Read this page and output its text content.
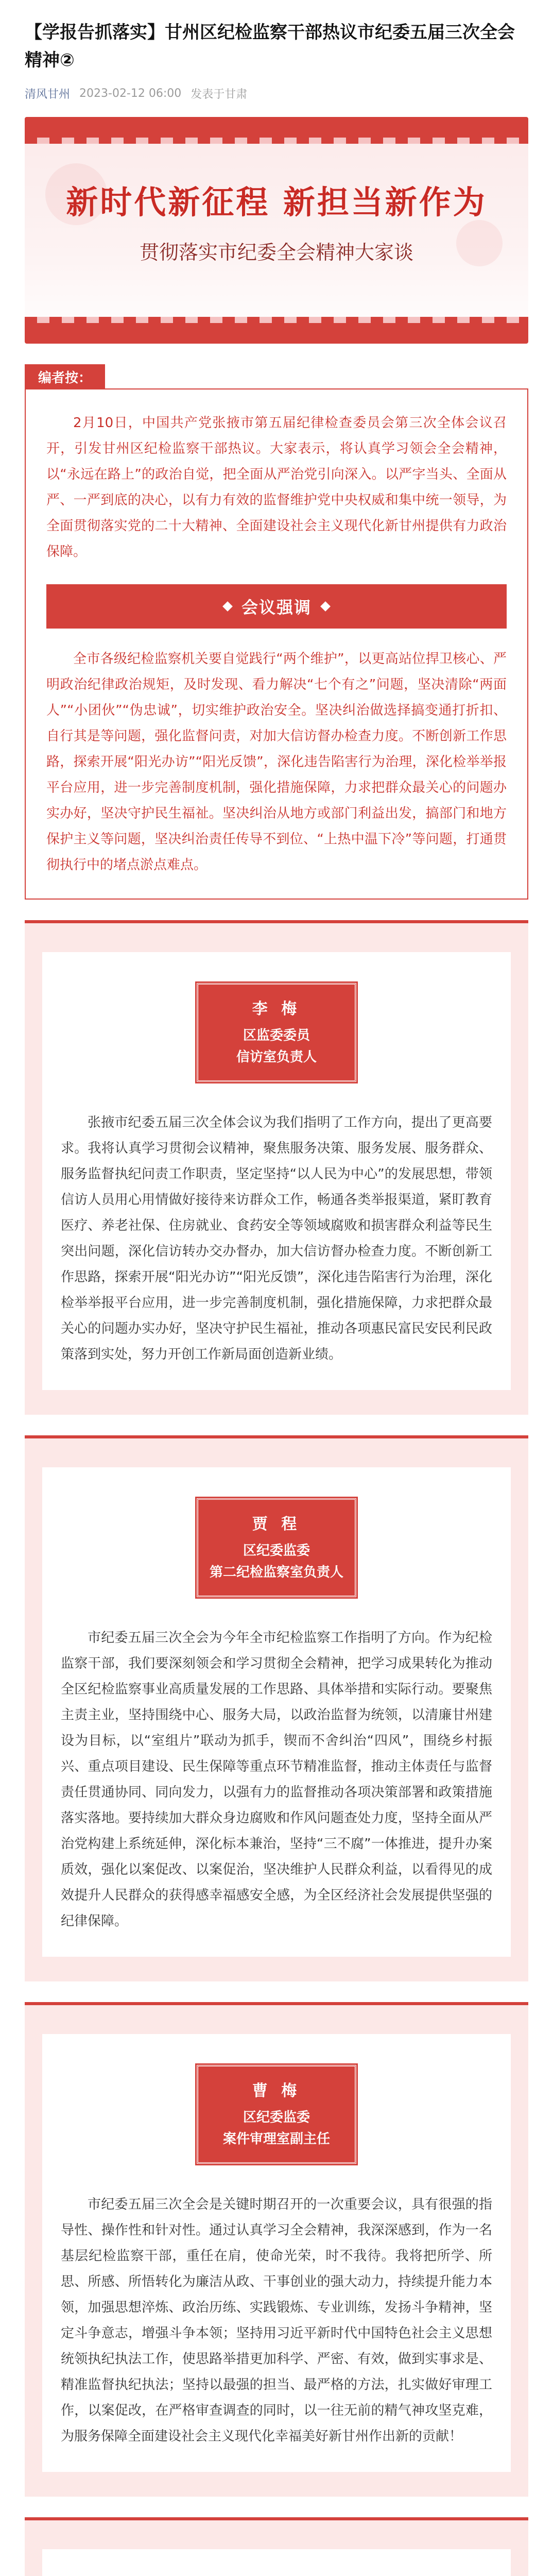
【学报告抓落实】甘州区纪检监察干部热议市纪委五届三次全会精神②
清风甘州 2023-02-12 06:00 发表于甘肃
新时代新征程 新担当新作为
贯彻落实市纪委全会精神大家谈
编者按：

2月10日，中国共产党张掖市第五届纪律检查委员会第三次全体会议召开，引发甘州区纪检监察干部热议。大家表示，将认真学习领会全会精神，以“永远在路上”的政治自觉，把全面从严治党引向深入。以严字当头、全面从严、一严到底的决心，以有力有效的监督维护党中央权威和集中统一领导，为全面贯彻落实党的二十大精神、全面建设社会主义现代化新甘州提供有力政治保障。

会议强调

全市各级纪检监察机关要自觉践行“两个维护”，以更高站位捍卫核心、严明政治纪律政治规矩，及时发现、看力解决“七个有之”问题，坚决清除“两面人”“小团伙”“伪忠诚”，切实维护政治安全。坚决纠治做选择搞变通打折扣、自行其是等问题，强化监督问责，对加大信访督办检查力度。不断创新工作思路，探索开展“阳光办访”“阳光反馈”，深化违告陷害行为治理，深化检举举报平台应用，进一步完善制度机制，强化措施保障，力求把群众最关心的问题办实办好，坚决守护民生福祉。坚决纠治从地方或部门利益出发，搞部门和地方保护主义等问题，坚决纠治责任传导不到位、“上热中温下冷”等问题，打通贯彻执行中的堵点淤点难点。

李 梅
区监委委员
信访室负责人

张掖市纪委五届三次全体会议为我们指明了工作方向，提出了更高要求。我将认真学习贯彻会议精神，聚焦服务决策、服务发展、服务群众、服务监督执纪问责工作职责，坚定坚持“以人民为中心”的发展思想，带领信访人员用心用情做好接待来访群众工作，畅通各类举报渠道，紧盯教育医疗、养老社保、住房就业、食药安全等领域腐败和损害群众利益等民生突出问题，深化信访转办交办督办，加大信访督办检查力度。不断创新工作思路，探索开展“阳光办访”“阳光反馈”，深化违告陷害行为治理，深化检举举报平台应用，进一步完善制度机制，强化措施保障，力求把群众最关心的问题办实办好，坚决守护民生福祉，推动各项惠民富民安民利民政策落到实处，努力开创工作新局面创造新业绩。

贾 程
区纪委监委
第二纪检监察室负责人

市纪委五届三次全会为今年全市纪检监察工作指明了方向。作为纪检监察干部，我们要深刻领会和学习贯彻全会精神，把学习成果转化为推动全区纪检监察事业高质量发展的工作思路、具体举措和实际行动。要聚焦主责主业，坚持围绕中心、服务大局，以政治监督为统领，以清廉甘州建设为目标，以“室组片”联动为抓手，锲而不舍纠治“四风”，围绕乡村振兴、重点项目建设、民生保障等重点环节精准监督，推动主体责任与监督责任贯通协同、同向发力，以强有力的监督推动各项决策部署和政策措施落实落地。要持续加大群众身边腐败和作风问题查处力度，坚持全面从严治党构建上系统延伸，深化标本兼治，坚持“三不腐”一体推进，提升办案质效，强化以案促改、以案促治，坚决维护人民群众利益，以看得见的成效提升人民群众的获得感幸福感安全感，为全区经济社会发展提供坚强的纪律保障。

曹 梅
区纪委监委
案件审理室副主任

市纪委五届三次全会是关键时期召开的一次重要会议，具有很强的指导性、操作性和针对性。通过认真学习全会精神，我深深感到，作为一名基层纪检监察干部，重任在肩，使命光荣，时不我待。我将把所学、所思、所感、所悟转化为廉洁从政、干事创业的强大动力，持续提升能力本领，加强思想淬炼、政治历练、实践锻炼、专业训练，发扬斗争精神，坚定斗争意志，增强斗争本领；坚持用习近平新时代中国特色社会主义思想统领执纪执法工作，使思路举措更加科学、严密、有效，做到实事求是、精准监督执纪执法；坚持以最强的担当、最严格的方法，扎实做好审理工作，以案促改，在严格审查调查的同时，以一往无前的精气神攻坚克难，为服务保障全面建设社会主义现代化幸福美好新甘州作出新的贡献！
